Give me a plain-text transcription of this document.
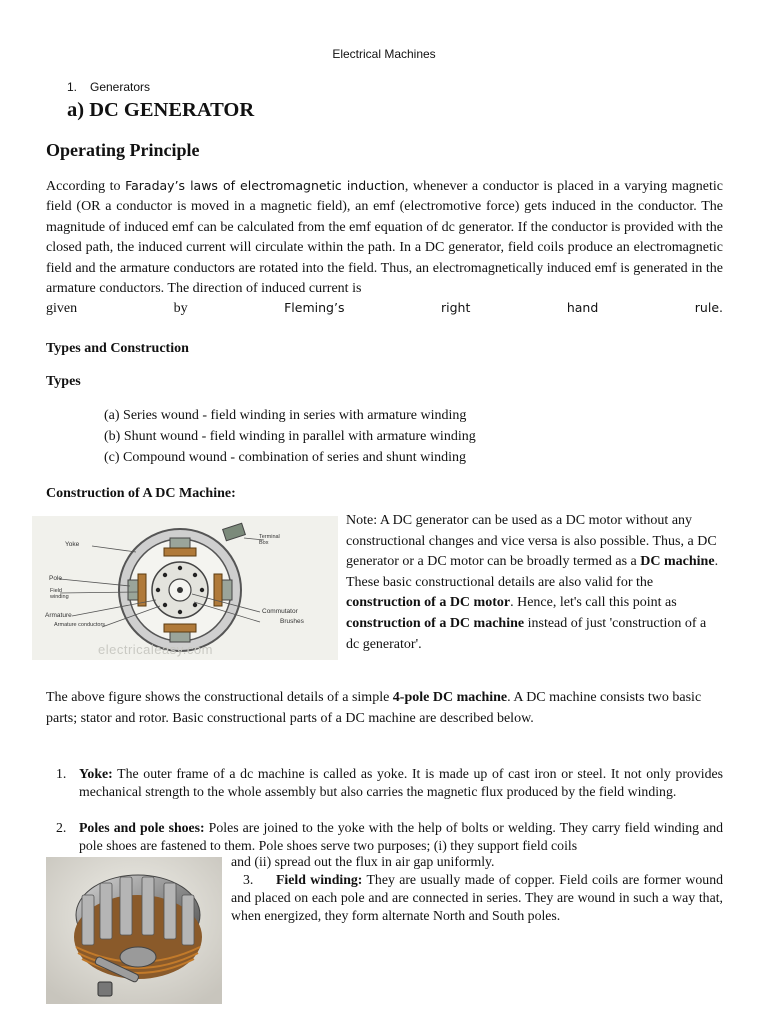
Electrical Machines
1. Generators
a) DC GENERATOR
Operating Principle
According to Faraday’s laws of electromagnetic induction, whenever a conductor is placed in a varying magnetic field (OR a conductor is moved in a magnetic field), an emf (electromotive force) gets induced in the conductor. The magnitude of induced emf can be calculated from the emf equation of dc generator. If the conductor is provided with the closed path, the induced current will circulate within the path. In a DC generator, field coils produce an electromagnetic field and the armature conductors are rotated into the field. Thus, an electromagnetically induced emf is generated in the armature conductors. The direction of induced current is
given	by	Fleming’s	right	hand	rule.
Types and Construction
Types
(a) Series wound - field winding in series with armature winding
(b) Shunt wound - field winding in parallel with armature winding
(c) Compound wound - combination of series and shunt winding
Construction of A DC Machine:
Yoke
Pole
Field winding
Armature
Armature conductors
Terminal Box
Commutator
Brushes
electricaleasy.com
Note: A DC generator can be used as a DC motor without any constructional changes and vice versa is also possible. Thus, a DC generator or a DC motor can be broadly termed as a DC machine. These basic constructional details are also valid for the construction of a DC motor. Hence, let's call this point as construction of a DC machine instead of just 'construction of a dc generator'.
The above figure shows the constructional details of a simple 4-pole DC machine. A DC machine consists two basic parts; stator and rotor. Basic constructional parts of a DC machine are described below.
1. Yoke: The outer frame of a dc machine is called as yoke. It is made up of cast iron or steel. It not only provides mechanical strength to the whole assembly but also carries the magnetic flux produced by the field winding.
2. Poles and pole shoes: Poles are joined to the yoke with the help of bolts or welding. They carry field winding and pole shoes are fastened to them. Pole shoes serve two purposes; (i) they support field coils
and (ii) spread out the flux in air gap uniformly.
3. Field winding: They are usually made of copper. Field coils are former wound and placed on each pole and are connected in series. They are wound in such a way that, when energized, they form alternate North and South poles.
